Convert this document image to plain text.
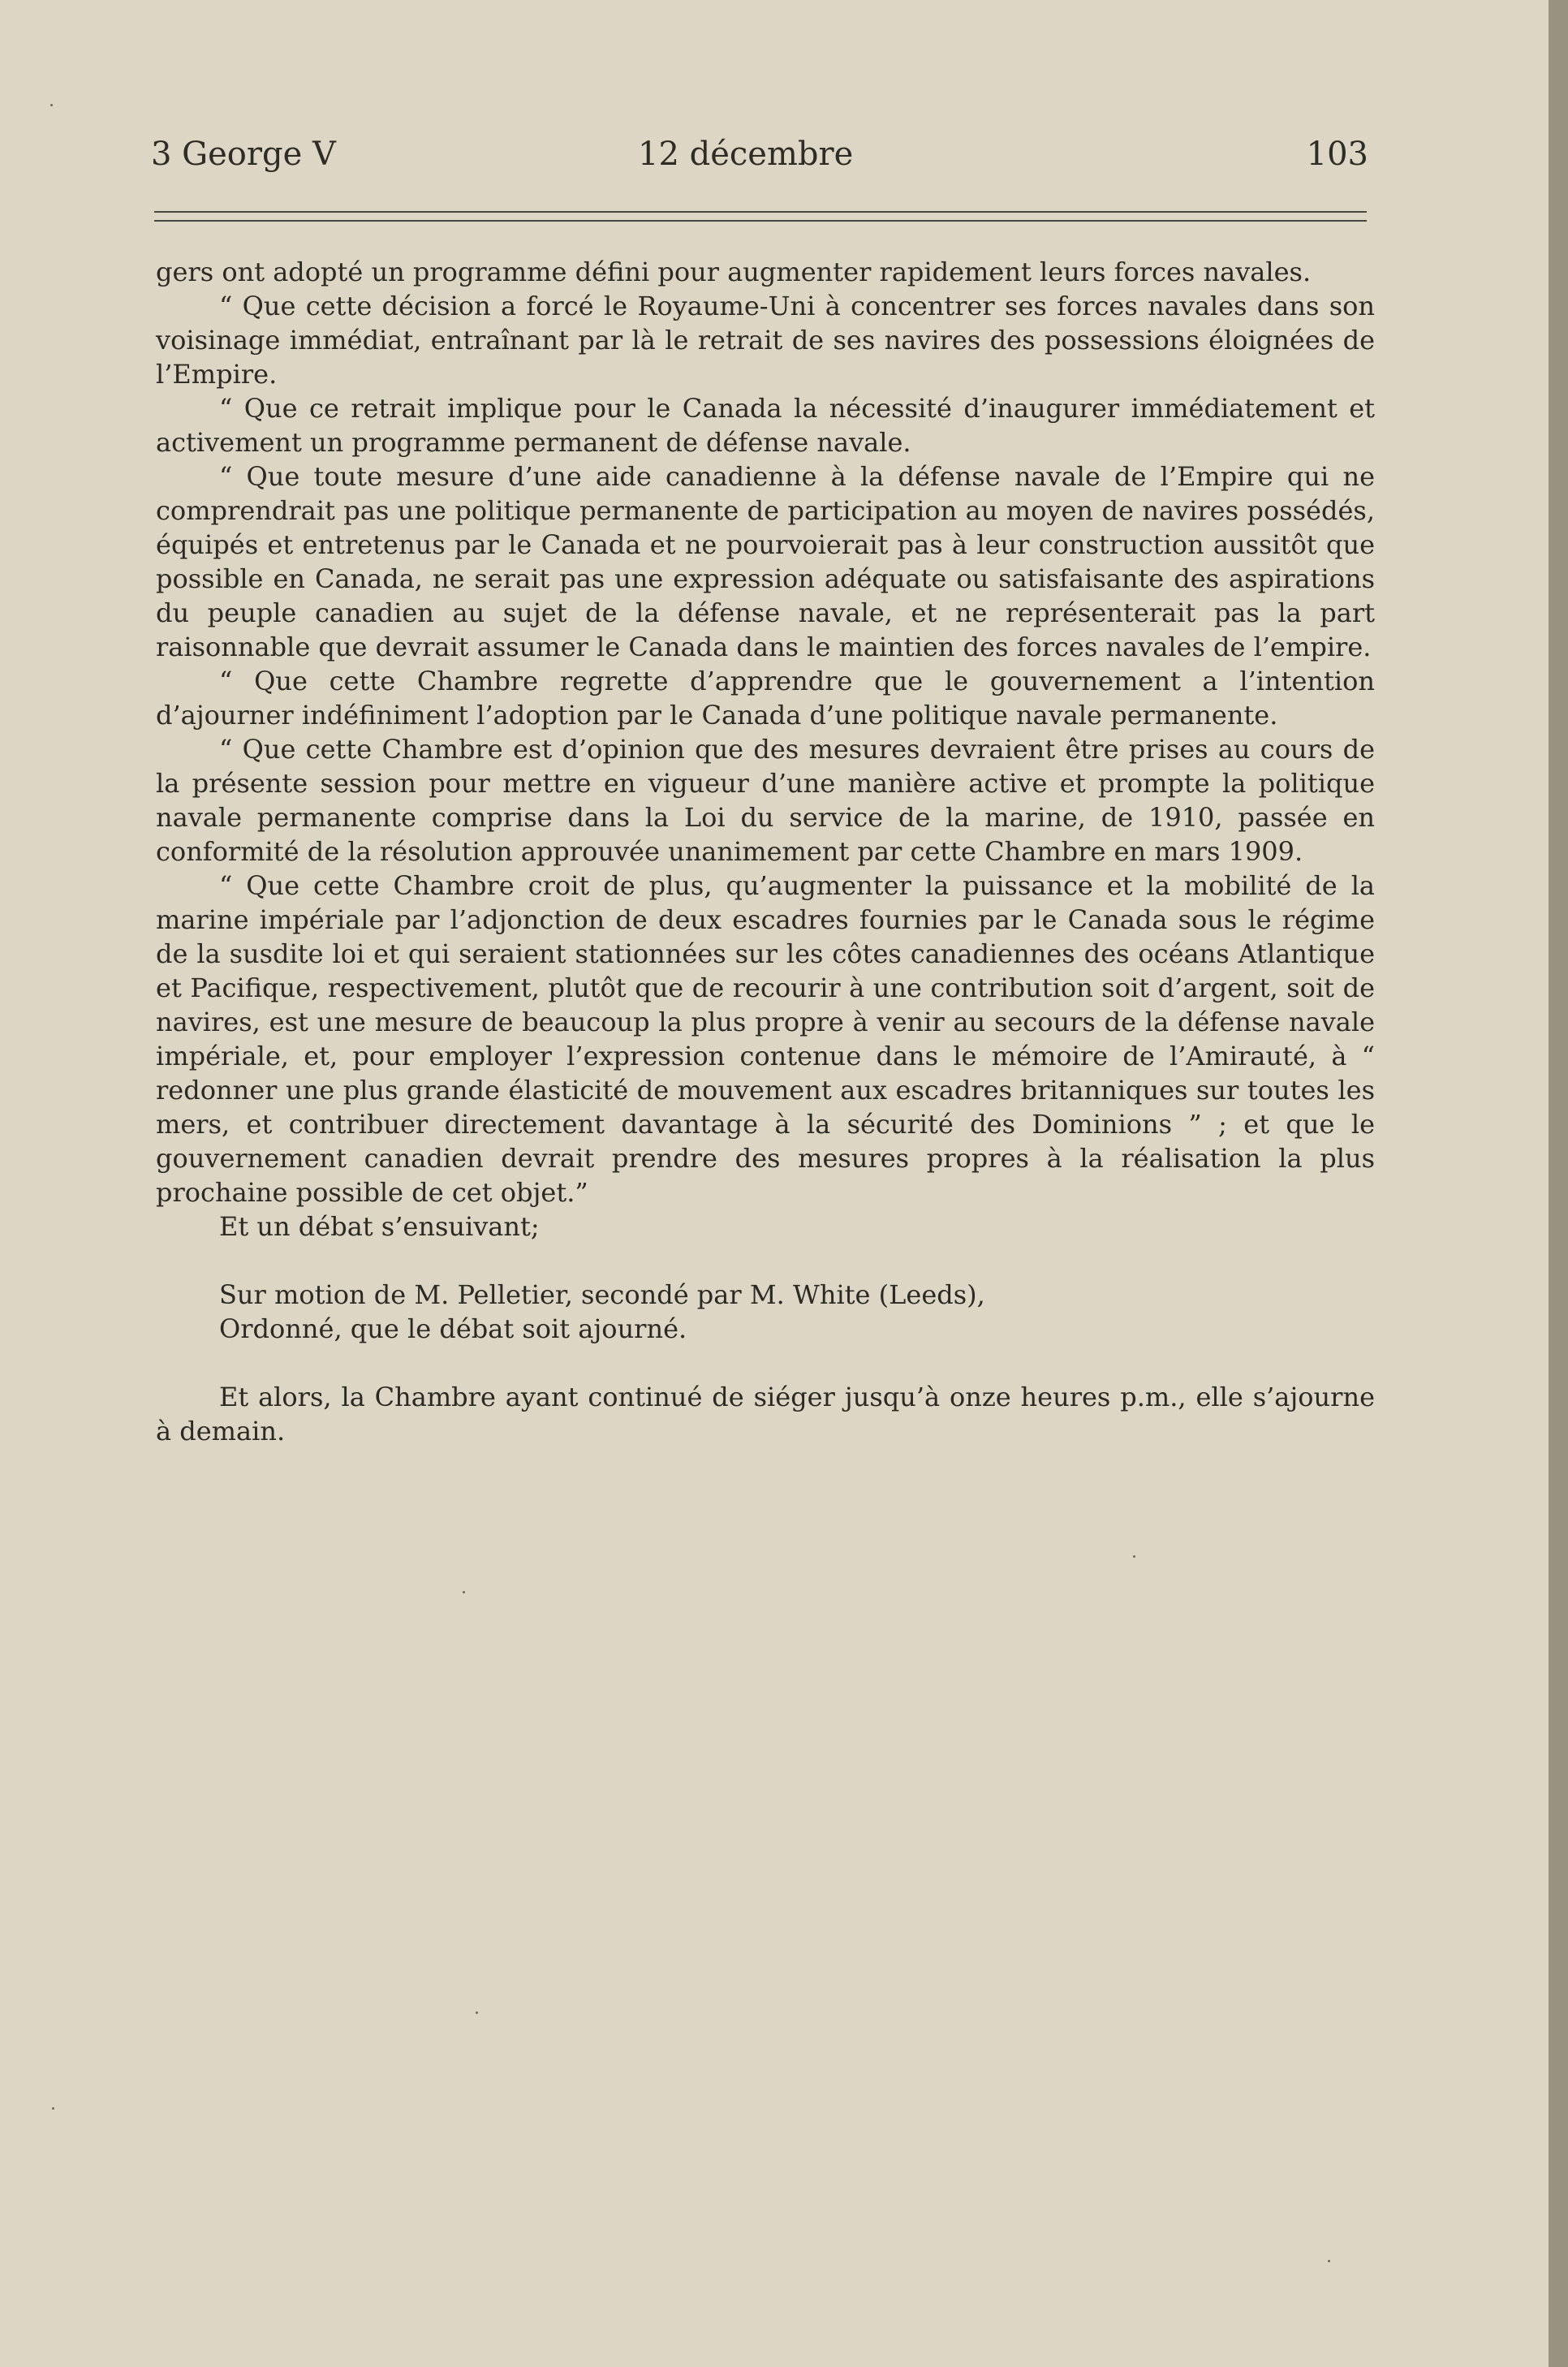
3 George V	12 décembre	103

gers ont adopté un programme défini pour augmenter rapidement leurs forces navales.

“ Que cette décision a forcé le Royaume-Uni à concentrer ses forces navales dans son voisinage immédiat, entraînant par là le retrait de ses navires des possessions éloignées de l’Empire.

“ Que ce retrait implique pour le Canada la nécessité d’inaugurer immédiatement et activement un programme permanent de défense navale.

“ Que toute mesure d’une aide canadienne à la défense navale de l’Empire qui ne comprendrait pas une politique permanente de participation au moyen de navires possédés, équipés et entretenus par le Canada et ne pourvoierait pas à leur construction aussitôt que possible en Canada, ne serait pas une expression adéquate ou satisfaisante des aspirations du peuple canadien au sujet de la défense navale, et ne représenterait pas la part raisonnable que devrait assumer le Canada dans le maintien des forces navales de l’empire.

“ Que cette Chambre regrette d’apprendre que le gouvernement a l’intention d’ajourner indéfiniment l’adoption par le Canada d’une politique navale permanente.

“ Que cette Chambre est d’opinion que des mesures devraient être prises au cours de la présente session pour mettre en vigueur d’une manière active et prompte la politique navale permanente comprise dans la Loi du service de la marine, de 1910, passée en conformité de la résolution approuvée unanimement par cette Chambre en mars 1909.

“ Que cette Chambre croit de plus, qu’augmenter la puissance et la mobilité de la marine impériale par l’adjonction de deux escadres fournies par le Canada sous le régime de la susdite loi et qui seraient stationnées sur les côtes canadiennes des océans Atlantique et Pacifique, respectivement, plutôt que de recourir à une contribution soit d’argent, soit de navires, est une mesure de beaucoup la plus propre à venir au secours de la défense navale impériale, et, pour employer l’expression contenue dans le mémoire de l’Amirauté, à “ redonner une plus grande élasticité de mouvement aux escadres britanniques sur toutes les mers, et contribuer directement davantage à la sécurité des Dominions ” ; et que le gouvernement canadien devrait prendre des mesures propres à la réalisation la plus prochaine possible de cet objet.”

Et un débat s’ensuivant;

Sur motion de M. Pelletier, secondé par M. White (Leeds),

Ordonné, que le débat soit ajourné.

Et alors, la Chambre ayant continué de siéger jusqu’à onze heures p.m., elle s’ajourne à demain.
